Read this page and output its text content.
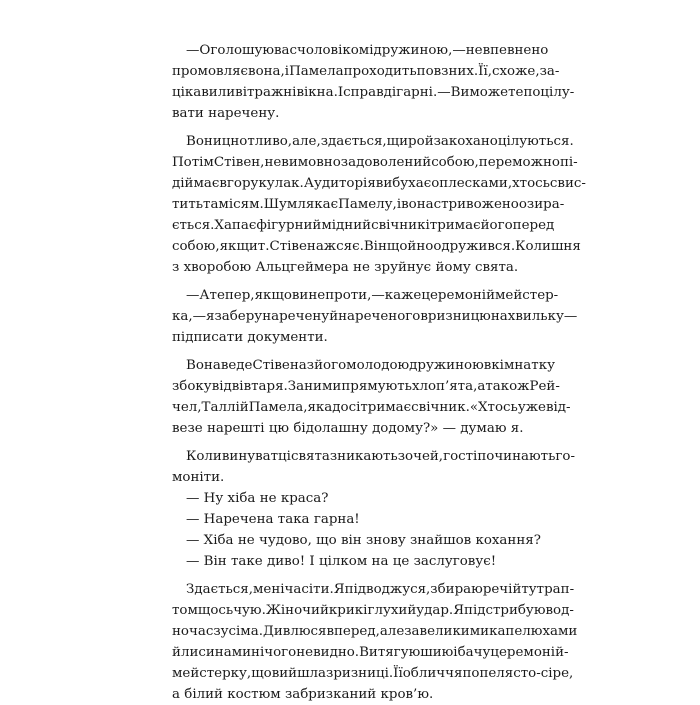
— Оголошую вас чоловіком і дружиною, — невпевнено
промовляє вона, і Памела проходить повз них. Її, схоже, за-
цікавили вітражні вікна. І справді гарні. — Ви можете поцілу-
вати наречену.
Вони цнотливо, але, здається, щиро й закохано цілуються.
Потім Стівен, невимовно задоволений собою, переможно пі-
діймає вгору кулак. Аудиторія вибухає оплесками, хтось свис-
тить там і сям. Шум лякає Памелу, і вона стривожено озира-
ється. Хапає фігурний мідний свічник і тримає його перед
собою, як щит. Стівен аж сяє. Він щойно одружився. Колишня
з хворобою Альцгеймера не зруйнує йому свята.
— А тепер, якщо ви не проти, — каже церемоніймейстер-
ка, — я заберу наречену й нареченого в ризницю на хвильку —
підписати документи.
Вона веде Стівена з його молодою дружиною в кімнатку
збоку від вівтаря. За ними прямують хлоп’ята, а також Рей-
чел, Таллі й Памела, яка досі тримає свічник. «Хтось уже від-
везе нарешті цю бідолашну додому?» — думаю я.
Коли винуватці свята зникають з очей, гості починають го-
моніти.
— Ну хіба не краса?
— Наречена така гарна!
— Хіба не чудово, що він знову знайшов кохання?
— Він таке диво! І цілком на це заслуговує!
Здається, мені час іти. Я підводжуся, збираю речі й тут рап-
том щось чую. Жіночий крик і глухий удар. Я підстрибую вод-
ночас з усіма. Дивлюся вперед, але за великими капелюхами
й лисинами нічого не видно. Витягую шию і бачу церемоній-
мейстерку, що вийшла з ризниці. Її обличчя попелясто-сіре,
а білий костюм забризканий кров’ю.
